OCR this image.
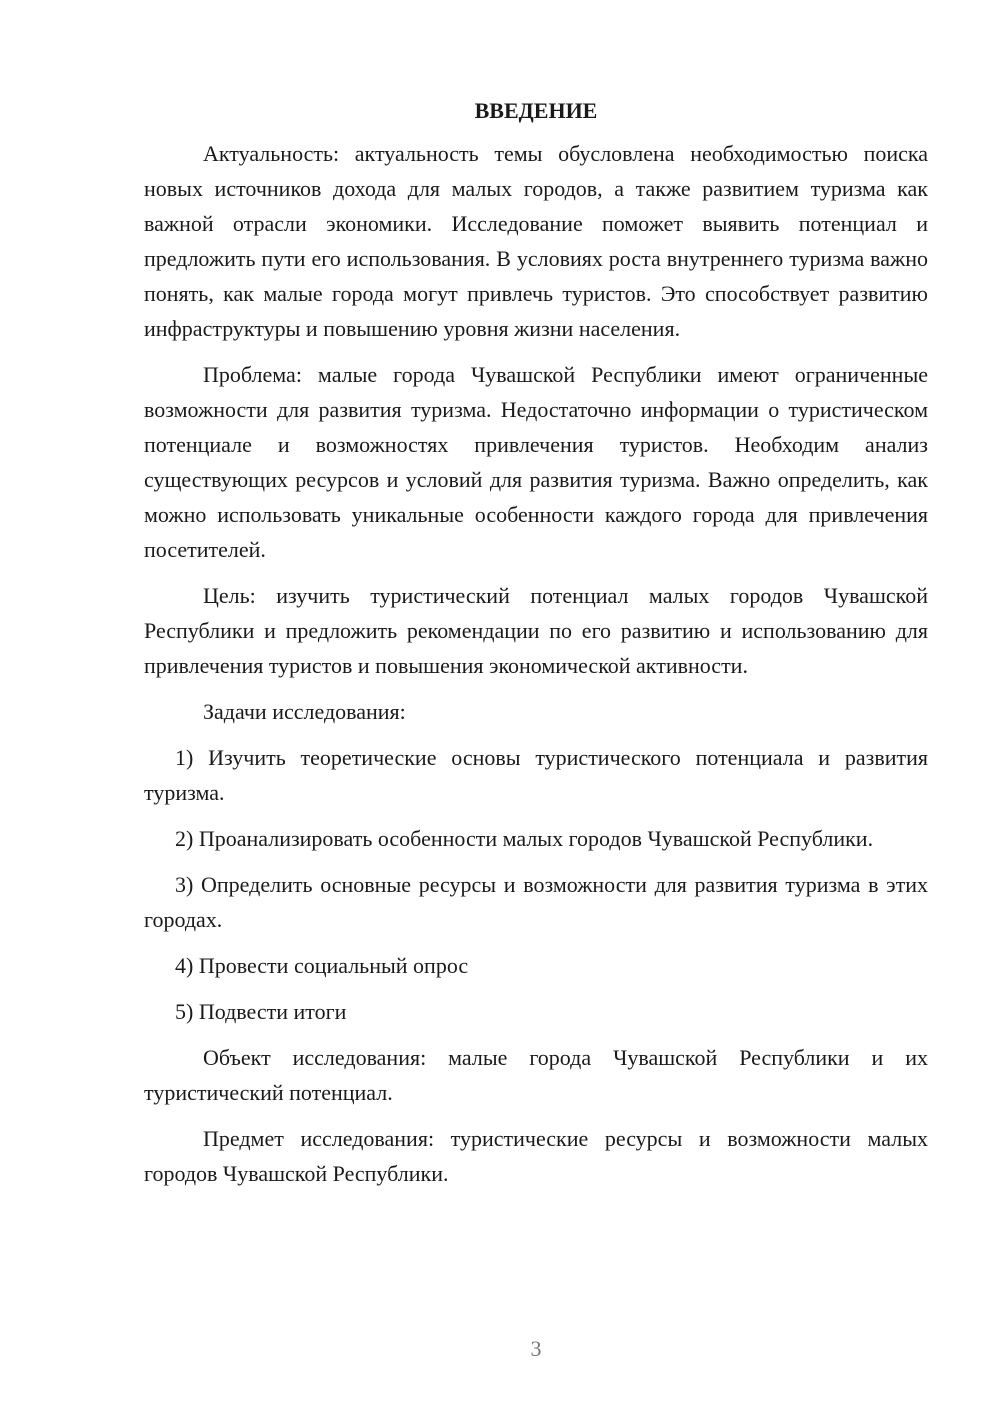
ВВЕДЕНИЕ

Актуальность: актуальность темы обусловлена необходимостью поиска новых источников дохода для малых городов, а также развитием туризма как важной отрасли экономики. Исследование поможет выявить потенциал и предложить пути его использования. В условиях роста внутреннего туризма важно понять, как малые города могут привлечь туристов. Это способствует развитию инфраструктуры и повышению уровня жизни населения.

Проблема: малые города Чувашской Республики имеют ограниченные возможности для развития туризма. Недостаточно информации о туристическом потенциале и возможностях привлечения туристов. Необходим анализ существующих ресурсов и условий для развития туризма. Важно определить, как можно использовать уникальные особенности каждого города для привлечения посетителей.

Цель: изучить туристический потенциал малых городов Чувашской Республики и предложить рекомендации по его развитию и использованию для привлечения туристов и повышения экономической активности.

Задачи исследования:

1) Изучить теоретические основы туристического потенциала и развития туризма.

2) Проанализировать особенности малых городов Чувашской Республики.

3) Определить основные ресурсы и возможности для развития туризма в этих городах.

4) Провести социальный опрос

5) Подвести итоги

Объект исследования: малые города Чувашской Республики и их туристический потенциал.

Предмет исследования: туристические ресурсы и возможности малых городов Чувашской Республики.

3
